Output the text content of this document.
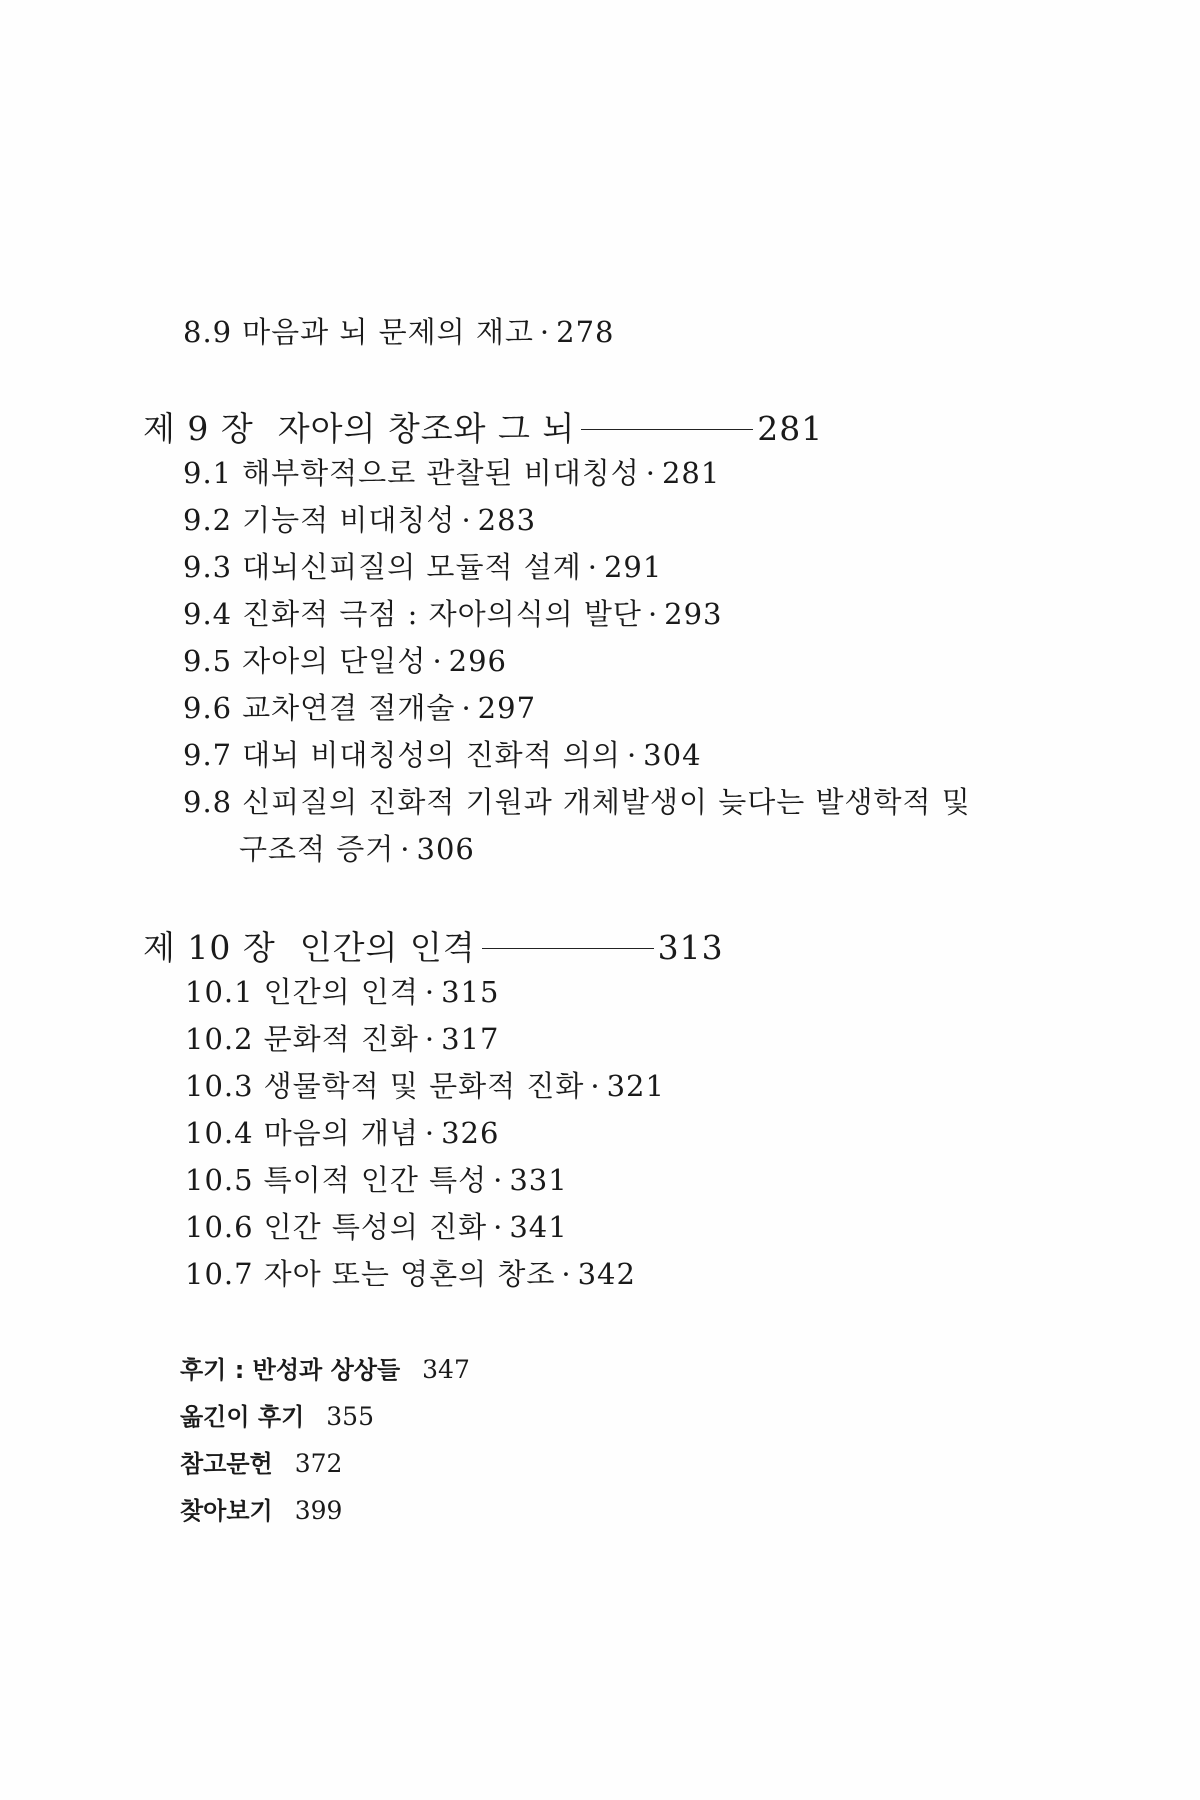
8.9 마음과 뇌 문제의 재고 · 278
제 9 장 자아의 창조와 그 뇌	281
9.1 해부학적으로 관찰된 비대칭성 · 281
9.2 기능적 비대칭성 · 283
9.3 대뇌신피질의 모듈적 설계 · 291
9.4 진화적 극점 : 자아의식의 발단 · 293
9.5 자아의 단일성 · 296
9.6 교차연결 절개술 · 297
9.7 대뇌 비대칭성의 진화적 의의 · 304
9.8 신피질의 진화적 기원과 개체발생이 늦다는 발생학적 및
구조적 증거 · 306
제 10 장 인간의 인격	313
10.1 인간의 인격 · 315
10.2 문화적 진화 · 317
10.3 생물학적 및 문화적 진화 · 321
10.4 마음의 개념 · 326
10.5 특이적 인간 특성 · 331
10.6 인간 특성의 진화 · 341
10.7 자아 또는 영혼의 창조 · 342
후기 : 반성과 상상들 347
옮긴이 후기 355
참고문헌 372
찾아보기 399
